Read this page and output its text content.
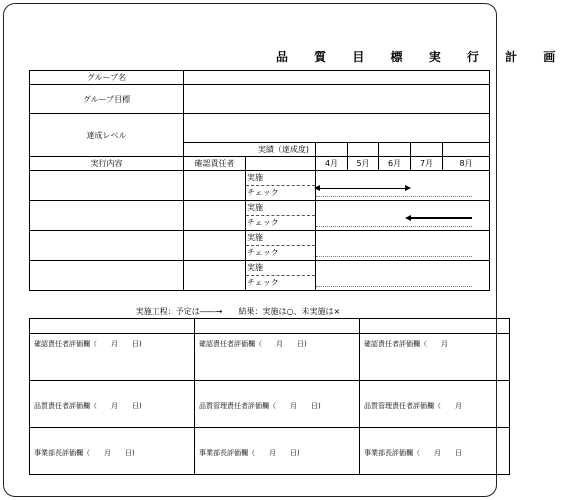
品 質 目 標 実 行 計 画
グループ名							
グループ目標							
達成レベル							
	実績（達成度)						
実行内容	確認責任者		4月	5月	6月	7月	8月

		実施
チェック					

		実施
チェック					

		実施
チェック					

		実施
チェック					

実施工程：予定は――→　　結果：実施は○、未実施は×

確認責任者評価欄（　　月　　日)	確認責任者評価欄（　　月　　日)	確認責任者評価欄（　　月

品質責任者評価欄（　　月　　日)	品質管理責任者評価欄（　　月　　日)	品質管理責任者評価欄（　　月

事業部長評価欄（　　月　　日)	事業部長評価欄（　　月　　日)	事業部長評価欄（　　月　　日
